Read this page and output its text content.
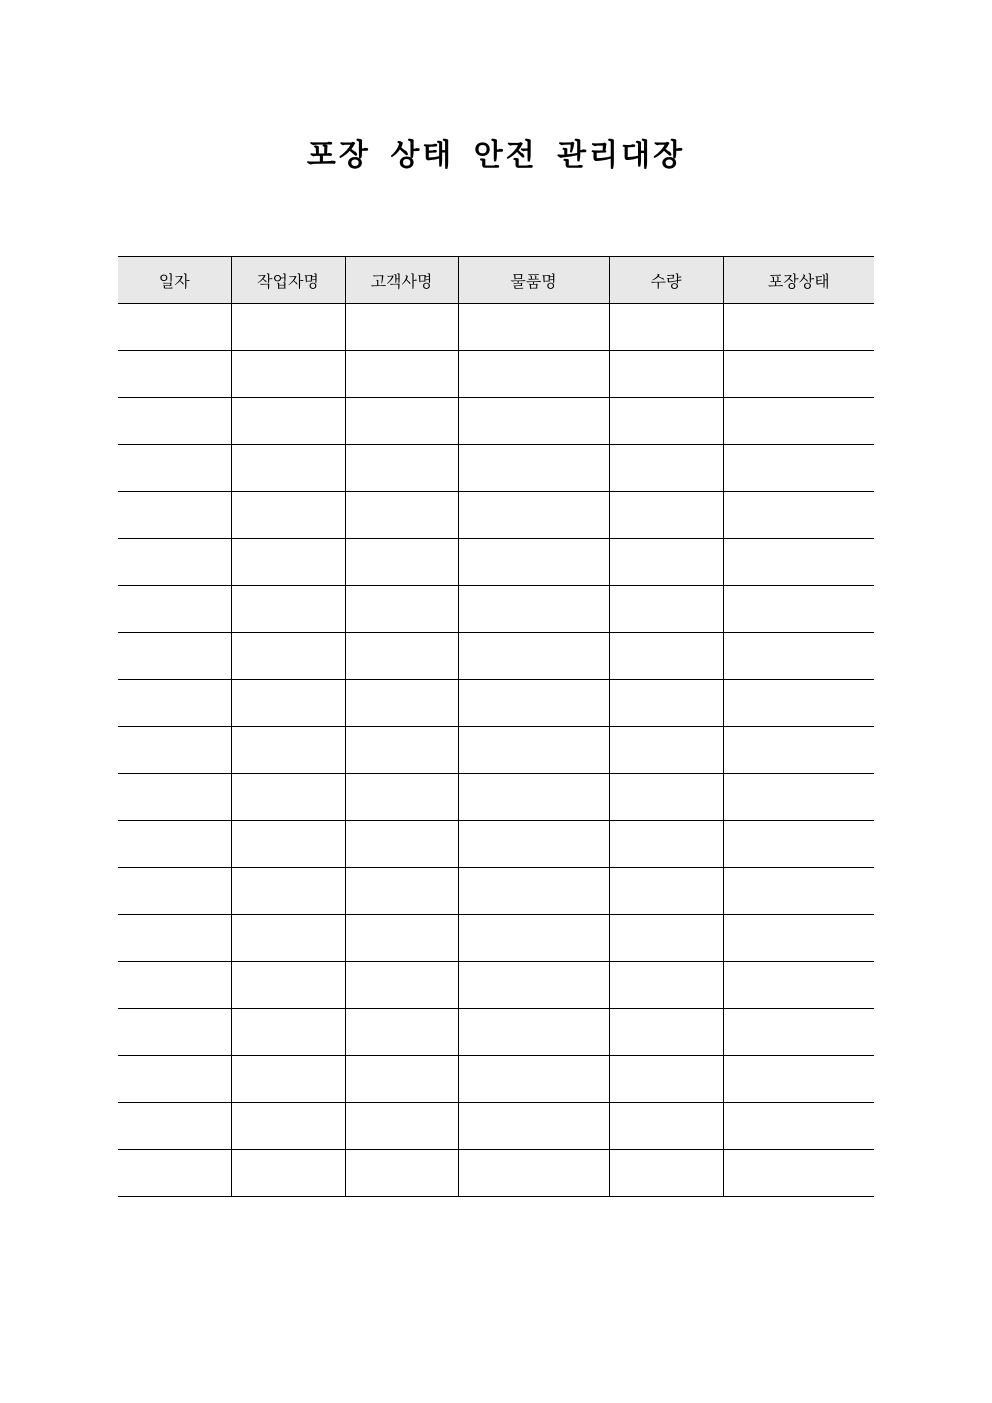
포장 상태 안전 관리대장
일자	작업자명	고객사명	물품명	수량	포장상태
